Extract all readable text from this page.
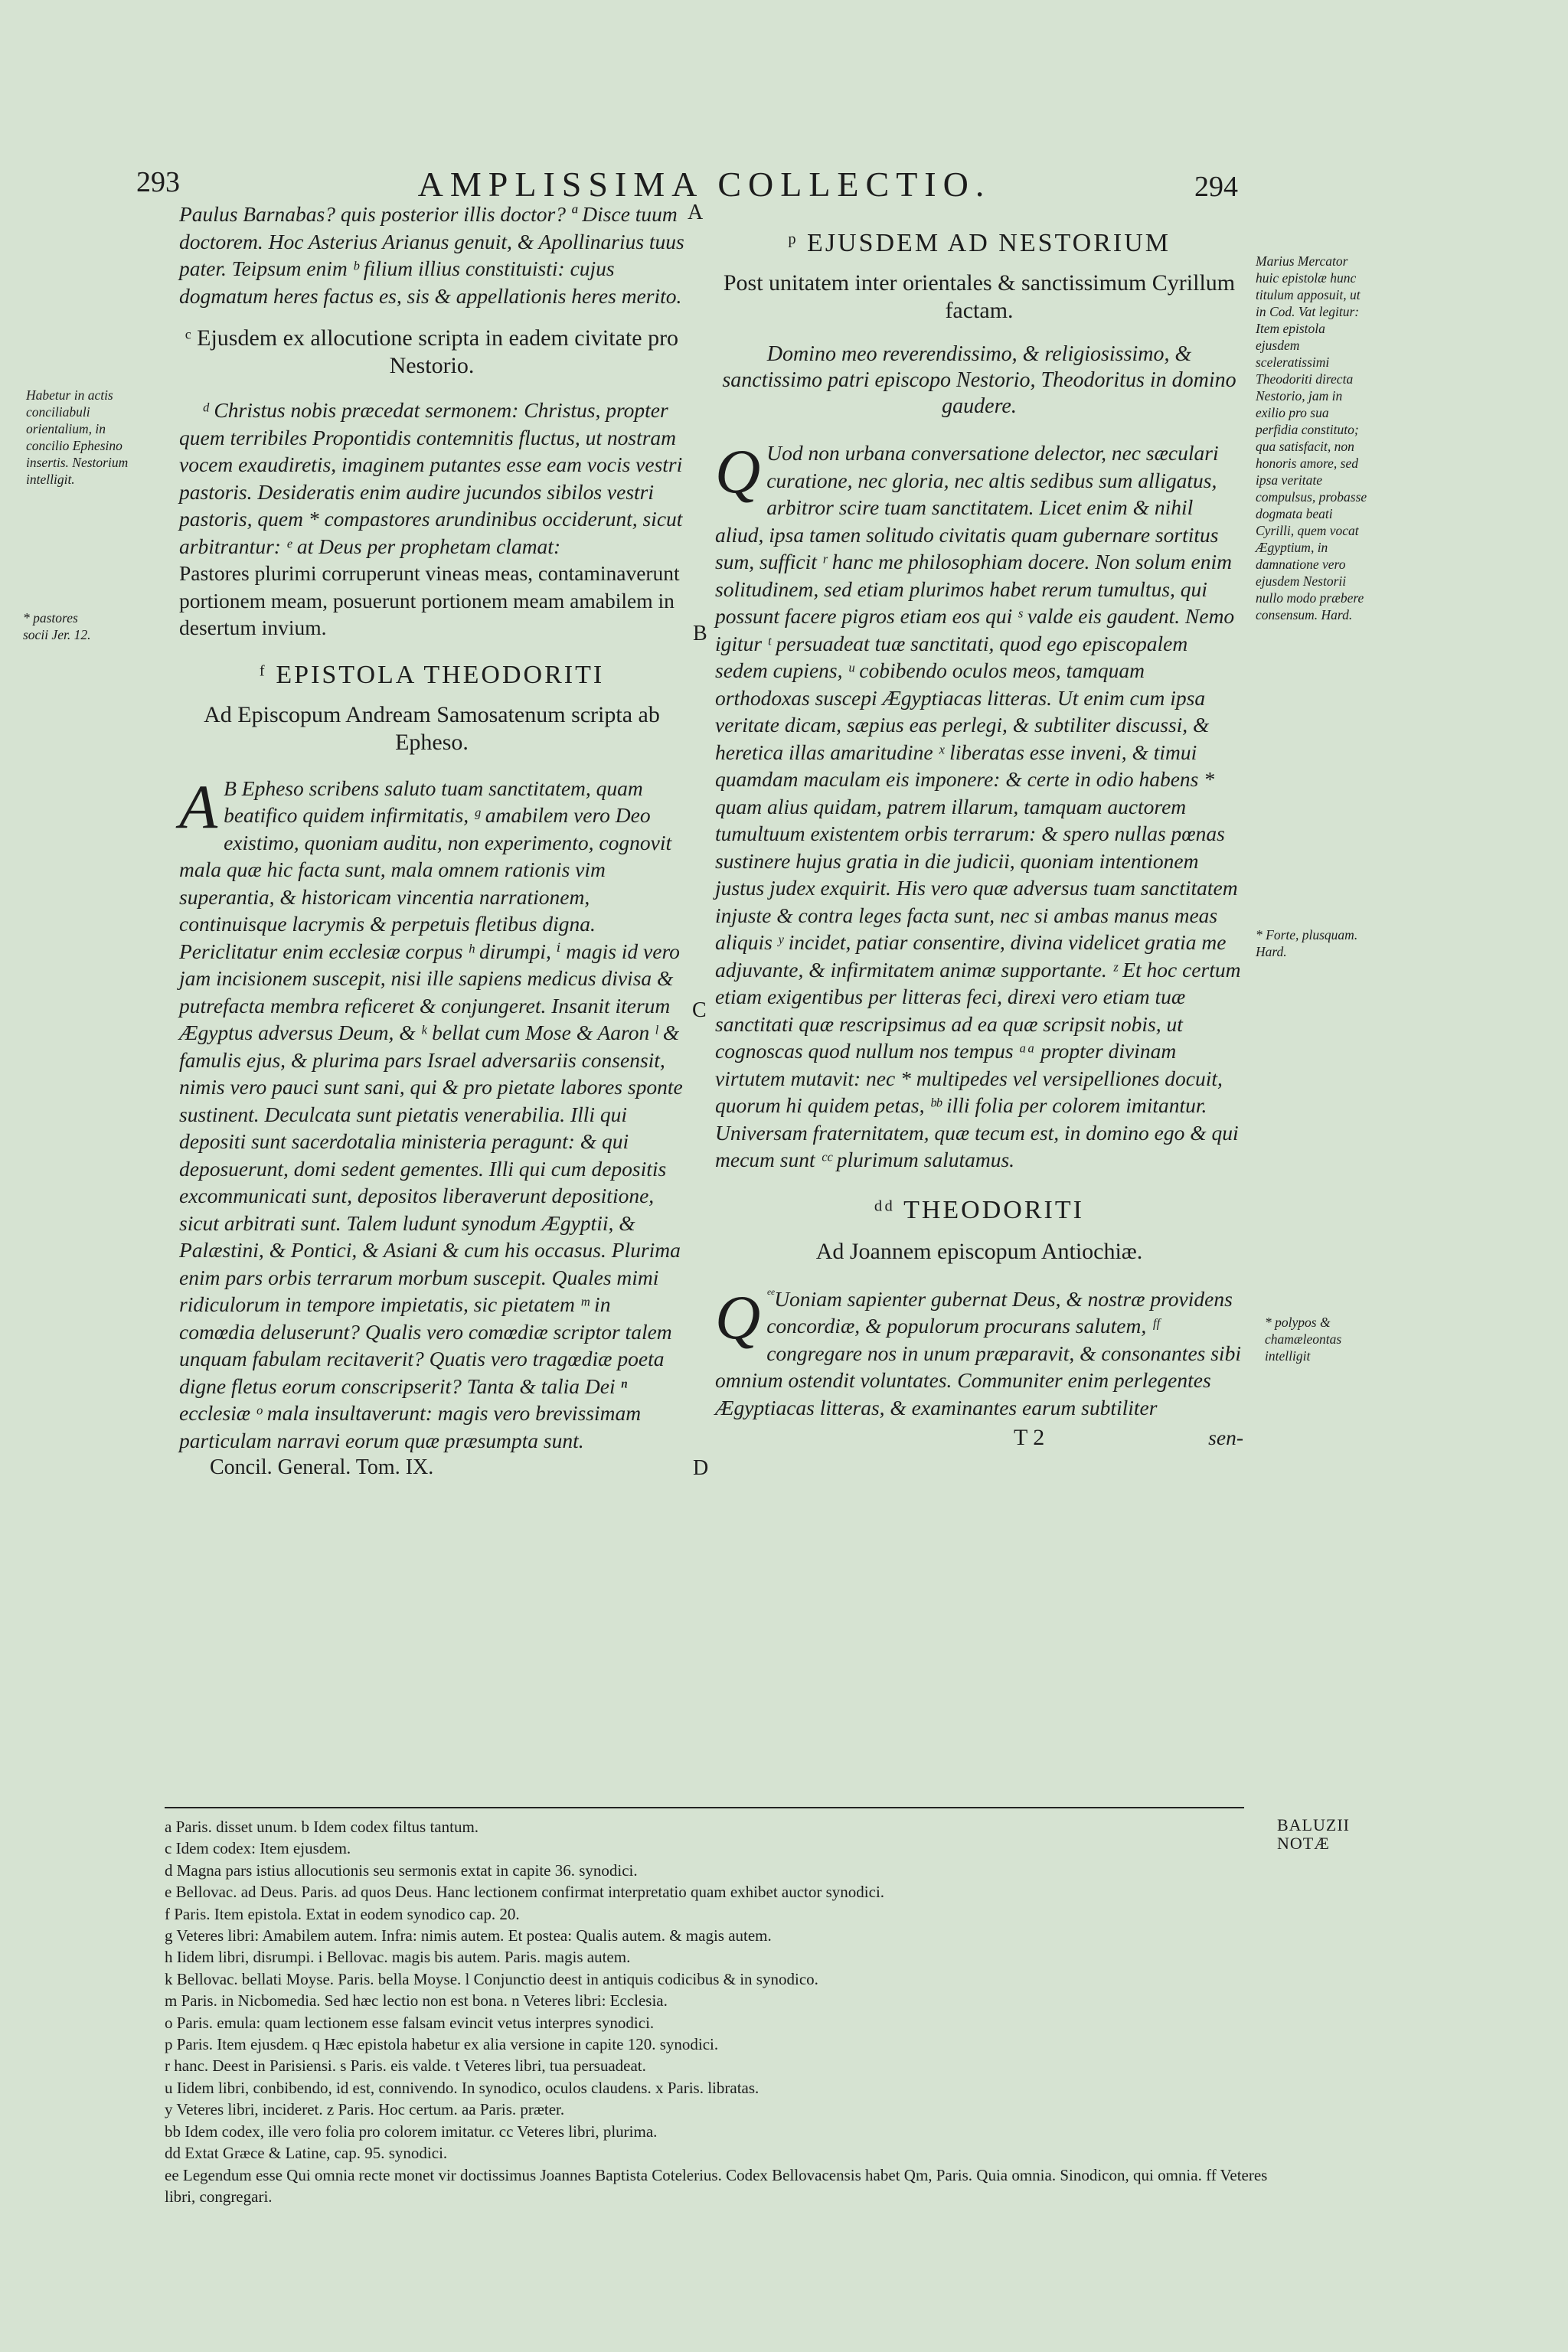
293	AMPLISSIMA COLLECTIO.	294

Paulus Barnabas? quis posterior illis doctor? ª Disce tuum doctorem. Hoc Asterius Arianus genuit, & Apollinarius tuus pater. Teipsum enim ᵇ filium illius constituisti: cujus dogmatum heres factus es, sis & appellationis heres merito.

ᶜ Ejusdem ex allocutione scripta in eadem civitate pro Nestorio.

ᵈ Christus nobis præcedat sermonem: Christus, propter quem terribiles Propontidis contemnitis fluctus, ut nostram vocem exaudiretis, imaginem putantes esse eam vocis vestri pastoris. Desideratis enim audire jucundos sibilos vestri pastoris, quem * compastores arundinibus occiderunt, sicut arbitrantur: ᵉ at Deus per prophetam clamat:

Pastores plurimi corruperunt vineas meas, contaminaverunt portionem meam, posuerunt portionem meam amabilem in desertum invium.

ᶠ EPISTOLA THEODORITI

Ad Episcopum Andream Samosatenum scripta ab Epheso.

A B Epheso scribens saluto tuam sanctitatem, quam beatifico quidem infirmitatis, ᵍ amabilem vero Deo existimo, quoniam auditu, non experimento, cognovit mala quæ hic facta sunt, mala omnem rationis vim superantia, & historicam vincentia narrationem, continuisque lacrymis & perpetuis fletibus digna. Periclitatur enim ecclesiæ corpus ʰ dirumpi, ⁱ magis id vero jam incisionem suscepit, nisi ille sapiens medicus divisa & putrefacta membra reficeret & conjungeret. Insanit iterum Ægyptus adversus Deum, & ᵏ bellat cum Mose & Aaron ˡ & famulis ejus, & plurima pars Israel adversariis consensit, nimis vero pauci sunt sani, qui & pro pietate labores sponte sustinent. Deculcata sunt pietatis venerabilia. Illi qui depositi sunt sacerdotalia ministeria peragunt: & qui deposuerunt, domi sedent gementes. Illi qui cum depositis excommunicati sunt, depositos liberaverunt depositione, sicut arbitrati sunt. Talem ludunt synodum Ægyptii, & Palæstini, & Pontici, & Asiani & cum his occasus. Plurima enim pars orbis terrarum morbum suscepit. Quales mimi ridiculorum in tempore impietatis, sic pietatem ᵐ in comœdia deluserunt? Qualis vero comœdiæ scriptor talem unquam fabulam recitaverit? Quatis vero tragœdiæ poeta digne fletus eorum conscripserit? Tanta & talia Dei ⁿ ecclesiæ ᵒ mala insultaverunt: magis vero brevissimam particulam narravi eorum quæ præsumpta sunt.

Concil. General. Tom. IX.

ᵖ EJUSDEM AD NESTORIUM

Post unitatem inter orientales & sanctissimum Cyrillum factam.

Domino meo reverendissimo, & religiosissimo, & sanctissimo patri episcopo Nestorio, Theodoritus in domino gaudere.

Q Uod non urbana conversatione delector, nec sæculari curatione, nec gloria, nec altis sedibus sum alligatus, arbitror scire tuam sanctitatem. Licet enim & nihil aliud, ipsa tamen solitudo civitatis quam gubernare sortitus sum, sufficit ʳ hanc me philosophiam docere. Non solum enim solitudinem, sed etiam plurimos habet rerum tumultus, qui possunt facere pigros etiam eos qui ˢ valde eis gaudent. Nemo igitur ᵗ persuadeat tuæ sanctitati, quod ego episcopalem sedem cupiens, ᵘ cobibendo oculos meos, tamquam orthodoxas suscepi Ægyptiacas litteras. Ut enim cum ipsa veritate dicam, sæpius eas perlegi, & subtiliter discussi, & heretica illas amaritudine ˣ liberatas esse inveni, & timui quamdam maculam eis imponere: & certe in odio habens * quam alius quidam, patrem illarum, tamquam auctorem tumultuum existentem orbis terrarum: & spero nullas pœnas sustinere hujus gratia in die judicii, quoniam intentionem justus judex exquirit. His vero quæ adversus tuam sanctitatem injuste & contra leges facta sunt, nec si ambas manus meas aliquis ʸ incidet, patiar consentire, divina videlicet gratia me adjuvante, & infirmitatem animæ supportante. ᶻ Et hoc certum etiam exigentibus per litteras feci, direxi vero etiam tuæ sanctitati quæ rescripsimus ad ea quæ scripsit nobis, ut cognoscas quod nullum nos tempus ᵃᵃ propter divinam virtutem mutavit: nec * multipedes vel versipelliones docuit, quorum hi quidem petas, ᵇᵇ illi folia per colorem imitantur. Universam fraternitatem, quæ tecum est, in domino ego & qui mecum sunt ᶜᶜ plurimum salutamus.

ᵈᵈ THEODORITI

Ad Joannem episcopum Antiochiæ.

$^{ᵉᵉ}$
Q Uoniam sapienter gubernat Deus, & nostræ providens concordiæ, & populorum procurans salutem, ᶠᶠ congregare nos in unum præparavit, & consonantes sibi omnium ostendit voluntates. Communiter enim perlegentes Ægyptiacas litteras, & examinantes earum subtiliter

T 2	sen-

Habetur in actis conciliabuli orientalium, in concilio Ephesino insertis. Nestorium intelligit.
* pastores socii Jer. 12.
Marius Mercator huic epistolæ hunc titulum apposuit, ut in Cod. Vat legitur: Item epistola ejusdem sceleratissimi Theodoriti directa Nestorio, jam in exilio pro sua perfidia constituto; qua satisfacit, non honoris amore, sed ipsa veritate compulsus, probasse dogmata beati Cyrilli, quem vocat Ægyptium, in damnatione vero ejusdem Nestorii nullo modo præbere consensum. Hard.
* Forte, plusquam. Hard.
* polypos & chamæleontas intelligit
A
B
C
D
BALUZII NOTÆ

a Paris. disset unum. b Idem codex filtus tantum.

c Idem codex: Item ejusdem.

d Magna pars istius allocutionis seu sermonis extat in capite 36. synodici.

e Bellovac. ad Deus. Paris. ad quos Deus. Hanc lectionem confirmat interpretatio quam exhibet auctor synodici.

f Paris. Item epistola. Extat in eodem synodico cap. 20.

g Veteres libri: Amabilem autem. Infra: nimis autem. Et postea: Qualis autem. & magis autem.

h Iidem libri, disrumpi. i Bellovac. magis bis autem. Paris. magis autem.

k Bellovac. bellati Moyse. Paris. bella Moyse. l Conjunctio deest in antiquis codicibus & in synodico.

m Paris. in Nicbomedia. Sed hæc lectio non est bona. n Veteres libri: Ecclesia.

o Paris. emula: quam lectionem esse falsam evincit vetus interpres synodici.

p Paris. Item ejusdem. q Hæc epistola habetur ex alia versione in capite 120. synodici.

r hanc. Deest in Parisiensi. s Paris. eis valde. t Veteres libri, tua persuadeat.

u Iidem libri, conbibendo, id est, connivendo. In synodico, oculos claudens. x Paris. libratas.

y Veteres libri, incideret. z Paris. Hoc certum. aa Paris. præter.

bb Idem codex, ille vero folia pro colorem imitatur. cc Veteres libri, plurima.

dd Extat Græce & Latine, cap. 95. synodici.

ee Legendum esse Qui omnia recte monet vir doctissimus Joannes Baptista Cotelerius. Codex Bellovacensis habet Qm, Paris. Quia omnia. Sinodicon, qui omnia. ff Veteres libri, congregari.
